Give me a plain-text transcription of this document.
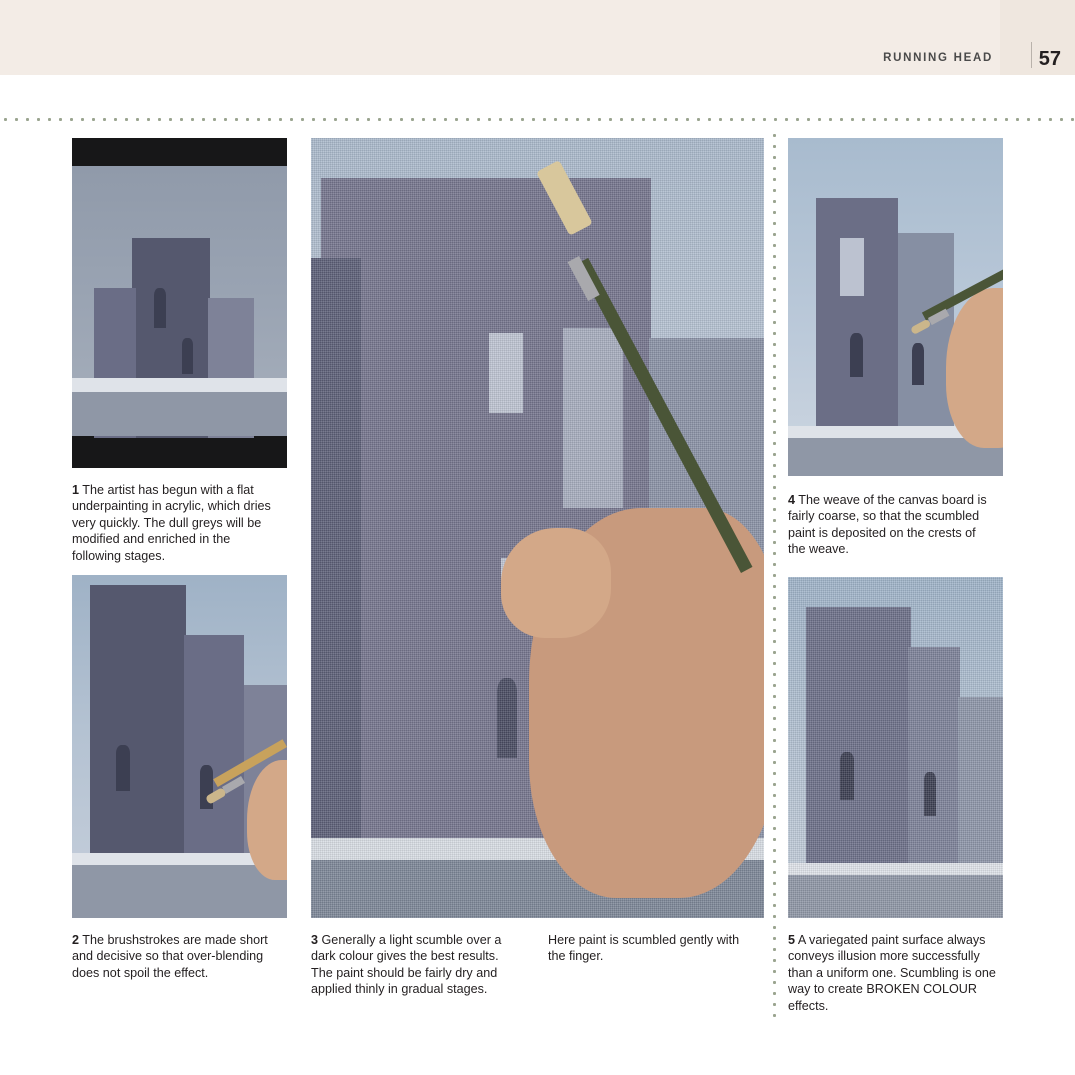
RUNNING HEAD 57
1 The artist has begun with a flat underpainting in acrylic, which dries very quickly. The dull greys will be modified and enriched in the following stages.
2 The brushstrokes are made short and decisive so that over-blending does not spoil the effect.
3 Generally a light scumble over a dark colour gives the best results. The paint should be fairly dry and applied thinly in gradual stages.
Here paint is scumbled gently with the finger.
4 The weave of the canvas board is fairly coarse, so that the scumbled paint is deposited on the crests of the weave.
5 A variegated paint surface always conveys illusion more successfully than a uniform one. Scumbling is one way to create BROKEN COLOUR effects.
